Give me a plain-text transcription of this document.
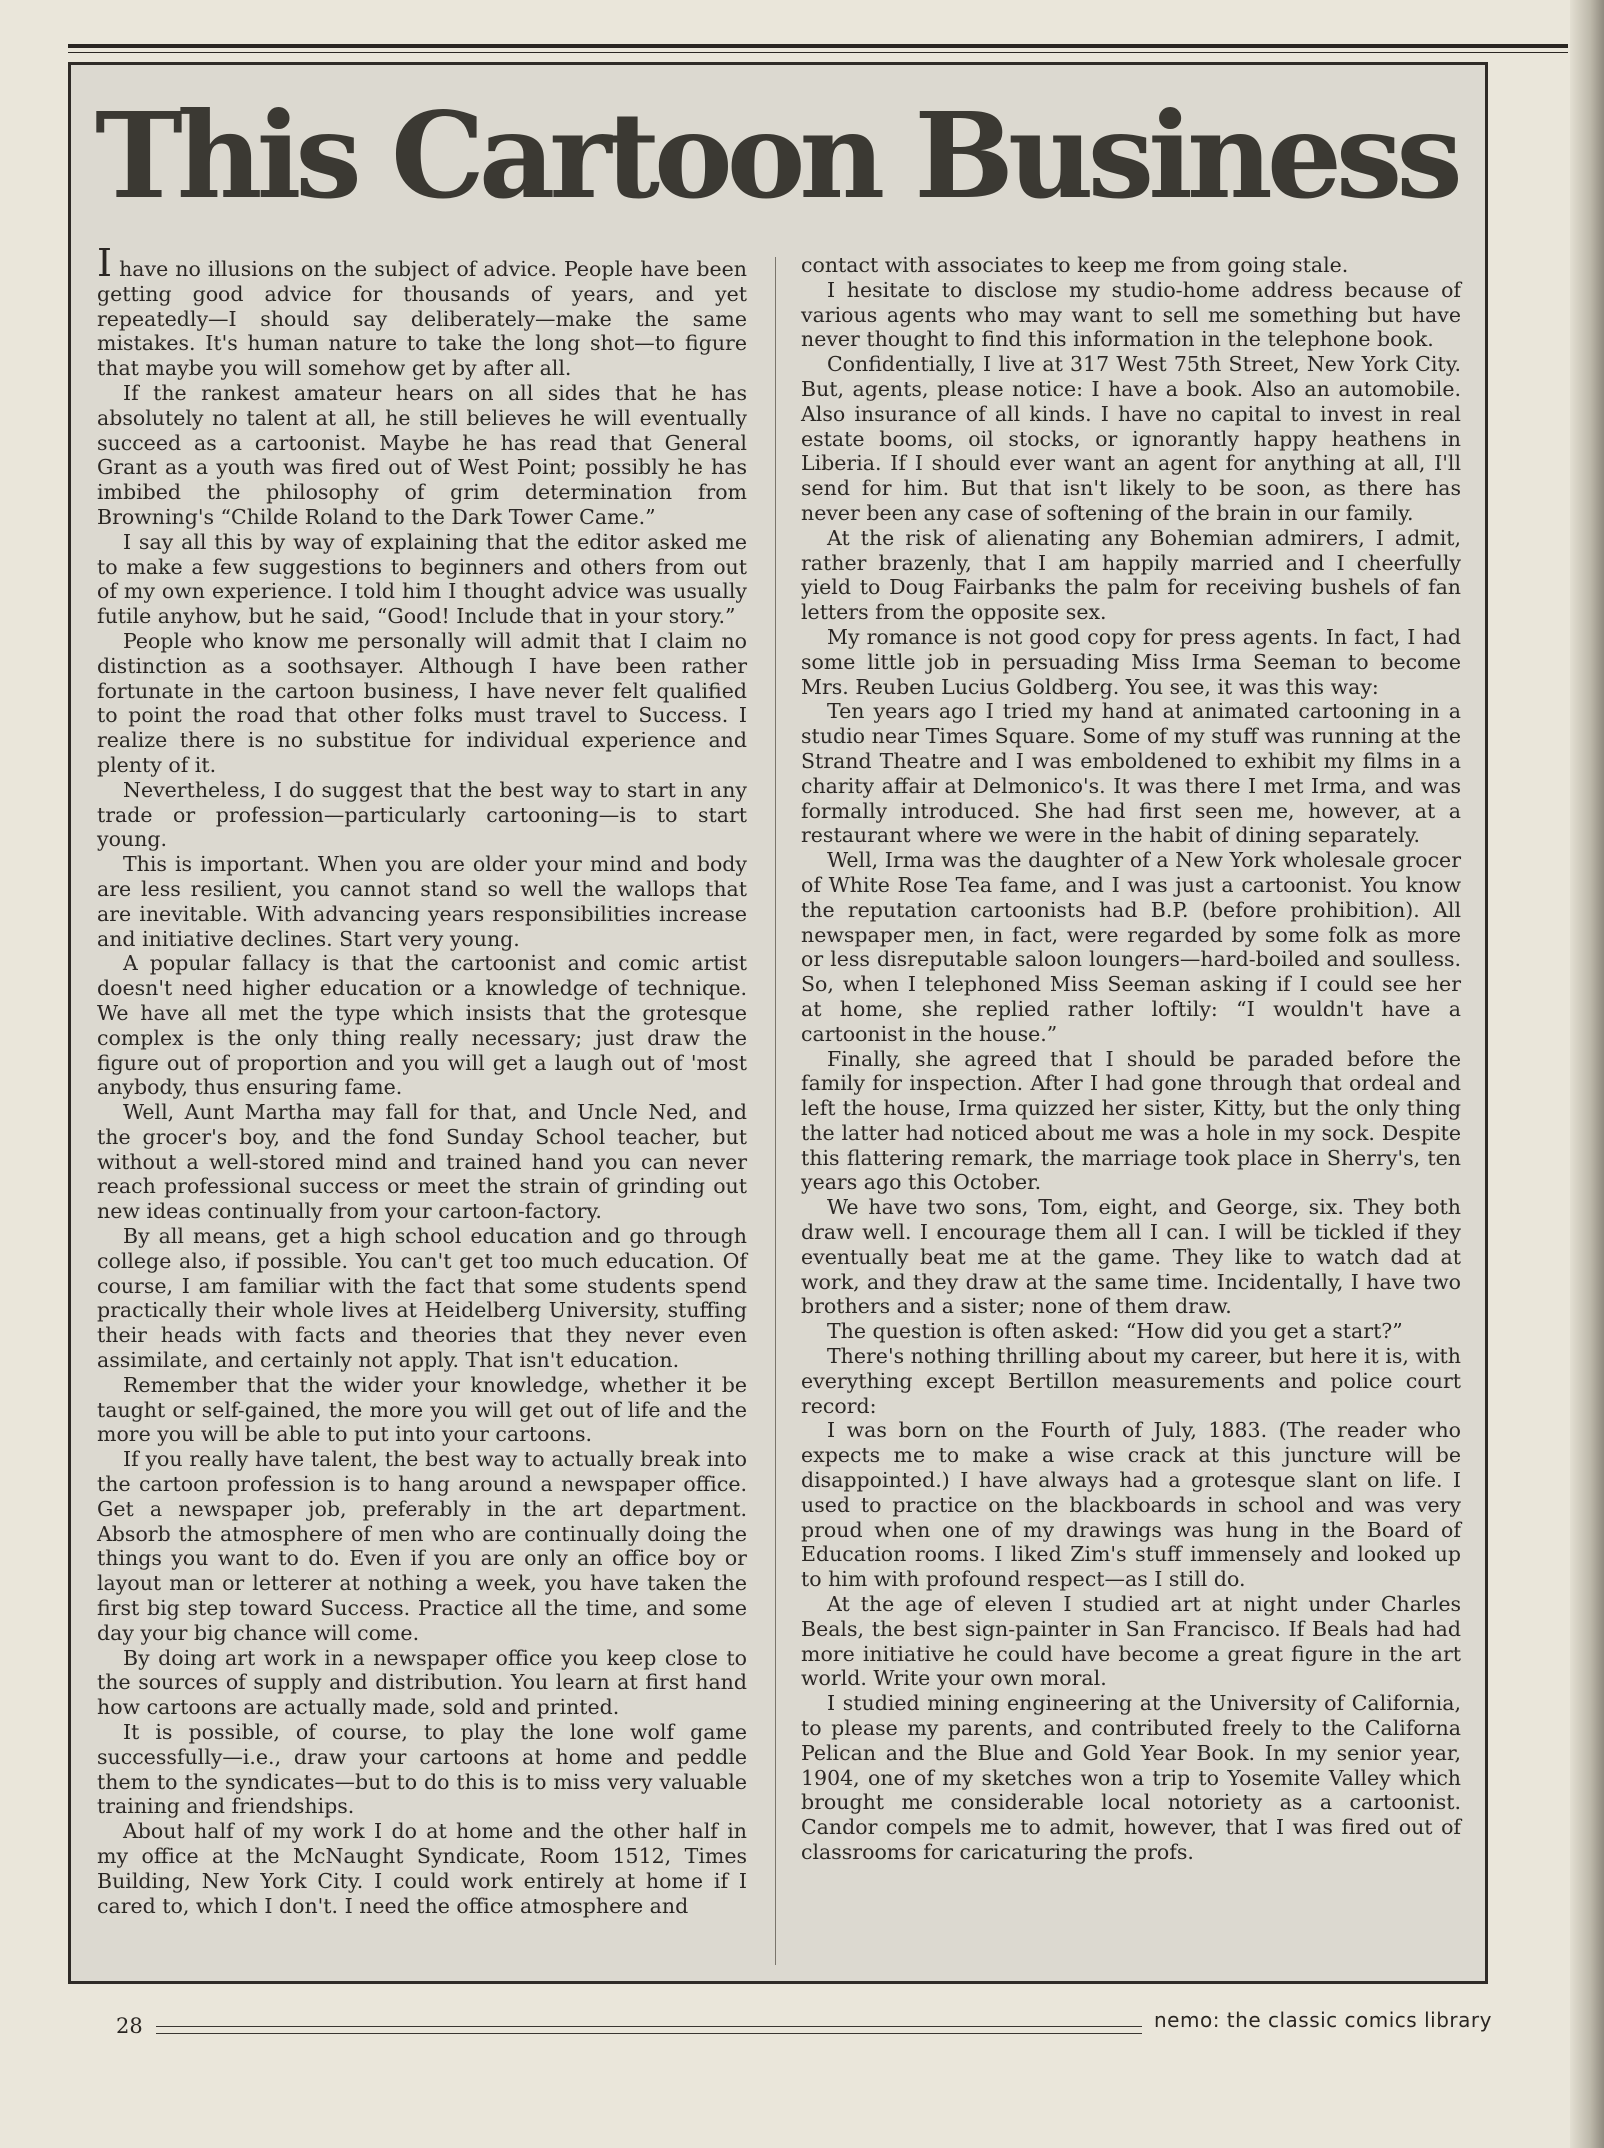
This Cartoon Business

I have no illusions on the subject of advice. People have been getting good advice for thousands of years, and yet repeatedly—I should say deliberately—make the same mistakes. It's human nature to take the long shot—to figure that maybe you will somehow get by after all.

If the rankest amateur hears on all sides that he has absolutely no talent at all, he still believes he will eventually succeed as a cartoonist. Maybe he has read that General Grant as a youth was fired out of West Point; possibly he has imbibed the philosophy of grim determination from Browning's “Childe Roland to the Dark Tower Came.”

I say all this by way of explaining that the editor asked me to make a few suggestions to beginners and others from out of my own experience. I told him I thought advice was usually futile anyhow, but he said, “Good! Include that in your story.”

People who know me personally will admit that I claim no distinction as a soothsayer. Although I have been rather fortunate in the cartoon business, I have never felt qualified to point the road that other folks must travel to Success. I realize there is no substitue for individual experience and plenty of it.

Nevertheless, I do suggest that the best way to start in any trade or profession—particularly cartooning—is to start young.

This is important. When you are older your mind and body are less resilient, you cannot stand so well the wallops that are inevitable. With advancing years responsibilities increase and initiative declines. Start very young.

A popular fallacy is that the cartoonist and comic artist doesn't need higher education or a knowledge of technique. We have all met the type which insists that the grotesque complex is the only thing really necessary; just draw the figure out of proportion and you will get a laugh out of 'most anybody, thus ensuring fame.

Well, Aunt Martha may fall for that, and Uncle Ned, and the grocer's boy, and the fond Sunday School teacher, but without a well-stored mind and trained hand you can never reach professional success or meet the strain of grinding out new ideas continually from your cartoon-factory.

By all means, get a high school education and go through college also, if possible. You can't get too much education. Of course, I am familiar with the fact that some students spend practically their whole lives at Heidelberg University, stuffing their heads with facts and theories that they never even assimilate, and certainly not apply. That isn't education.

Remember that the wider your knowledge, whether it be taught or self-gained, the more you will get out of life and the more you will be able to put into your cartoons.

If you really have talent, the best way to actually break into the cartoon profession is to hang around a newspaper office. Get a newspaper job, preferably in the art department. Absorb the atmosphere of men who are continually doing the things you want to do. Even if you are only an office boy or layout man or letterer at nothing a week, you have taken the first big step toward Success. Practice all the time, and some day your big chance will come.

By doing art work in a newspaper office you keep close to the sources of supply and distribution. You learn at first hand how cartoons are actually made, sold and printed.

It is possible, of course, to play the lone wolf game successfully—i.e., draw your cartoons at home and peddle them to the syndicates—but to do this is to miss very valuable training and friendships.

About half of my work I do at home and the other half in my office at the McNaught Syndicate, Room 1512, Times Building, New York City. I could work entirely at home if I cared to, which I don't. I need the office atmosphere and

contact with associates to keep me from going stale.

I hesitate to disclose my studio-home address because of various agents who may want to sell me something but have never thought to find this information in the telephone book.

Confidentially, I live at 317 West 75th Street, New York City. But, agents, please notice: I have a book. Also an automobile. Also insurance of all kinds. I have no capital to invest in real estate booms, oil stocks, or ignorantly happy heathens in Liberia. If I should ever want an agent for anything at all, I'll send for him. But that isn't likely to be soon, as there has never been any case of softening of the brain in our family.

At the risk of alienating any Bohemian admirers, I admit, rather brazenly, that I am happily married and I cheerfully yield to Doug Fairbanks the palm for receiving bushels of fan letters from the opposite sex.

My romance is not good copy for press agents. In fact, I had some little job in persuading Miss Irma Seeman to become Mrs. Reuben Lucius Goldberg. You see, it was this way:

Ten years ago I tried my hand at animated cartooning in a studio near Times Square. Some of my stuff was running at the Strand Theatre and I was emboldened to exhibit my films in a charity affair at Delmonico's. It was there I met Irma, and was formally introduced. She had first seen me, however, at a restaurant where we were in the habit of dining separately.

Well, Irma was the daughter of a New York wholesale grocer of White Rose Tea fame, and I was just a cartoonist. You know the reputation cartoonists had B.P. (before prohibition). All newspaper men, in fact, were regarded by some folk as more or less disreputable saloon loungers—hard-boiled and soulless. So, when I telephoned Miss Seeman asking if I could see her at home, she replied rather loftily: “I wouldn't have a cartoonist in the house.”

Finally, she agreed that I should be paraded before the family for inspection. After I had gone through that ordeal and left the house, Irma quizzed her sister, Kitty, but the only thing the latter had noticed about me was a hole in my sock. Despite this flattering remark, the marriage took place in Sherry's, ten years ago this October.

We have two sons, Tom, eight, and George, six. They both draw well. I encourage them all I can. I will be tickled if they eventually beat me at the game. They like to watch dad at work, and they draw at the same time. Incidentally, I have two brothers and a sister; none of them draw.

The question is often asked: “How did you get a start?”

There's nothing thrilling about my career, but here it is, with everything except Bertillon measurements and police court record:

I was born on the Fourth of July, 1883. (The reader who expects me to make a wise crack at this juncture will be disappointed.) I have always had a grotesque slant on life. I used to practice on the blackboards in school and was very proud when one of my drawings was hung in the Board of Education rooms. I liked Zim's stuff immensely and looked up to him with profound respect—as I still do.

At the age of eleven I studied art at night under Charles Beals, the best sign-painter in San Francisco. If Beals had had more initiative he could have become a great figure in the art world. Write your own moral.

I studied mining engineering at the University of California, to please my parents, and contributed freely to the Californa Pelican and the Blue and Gold Year Book. In my senior year, 1904, one of my sketches won a trip to Yosemite Valley which brought me considerable local notoriety as a cartoonist. Candor compels me to admit, however, that I was fired out of classrooms for caricaturing the profs.

28	nemo: the classic comics library
